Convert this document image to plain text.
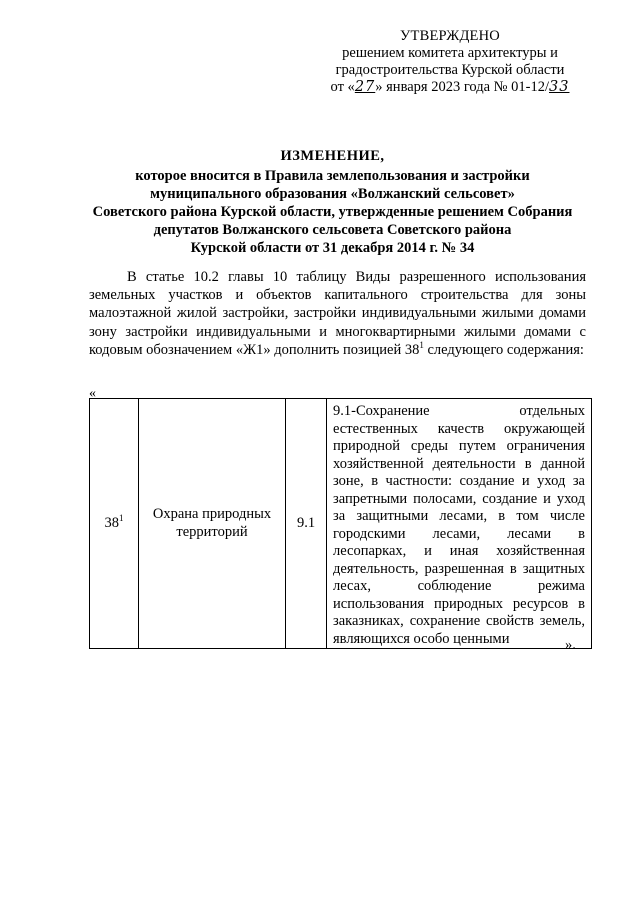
УТВЕРЖДЕНО
решением комитета архитектуры и
градостроительства Курской области
от «27» января 2023 года № 01-12/33
ИЗМЕНЕНИЕ,
которое вносится в Правила землепользования и застройки
муниципального образования «Волжанский сельсовет»
Советского района Курской области, утвержденные решением Собрания
депутатов Волжанского сельсовета Советского района
Курской области от 31 декабря 2014 г. № 34
В статье 10.2 главы 10 таблицу Виды разрешенного использования земельных участков и объектов капитального строительства для зоны малоэтажной жилой застройки, застройки индивидуальными жилыми домами зону застройки индивидуальными и многоквартирными жилыми домами с кодовым обозначением «Ж1» дополнить позицией $38^1$ следующего содержания:
«
$38^1$	Охрана природных территорий	9.1	9.1-Сохранение отдельных естественных качеств окружающей природной среды путем ограничения хозяйственной деятельности в данной зоне, в частности: создание и уход за запретными полосами, создание и уход за защитными лесами, в том числе городскими лесами, лесами в лесопарках, и иная хозяйственная деятельность, разрешенная в защитных лесах, соблюдение режима использования природных ресурсов в заказниках, сохранение свойств земель, являющихся особо ценными	».
